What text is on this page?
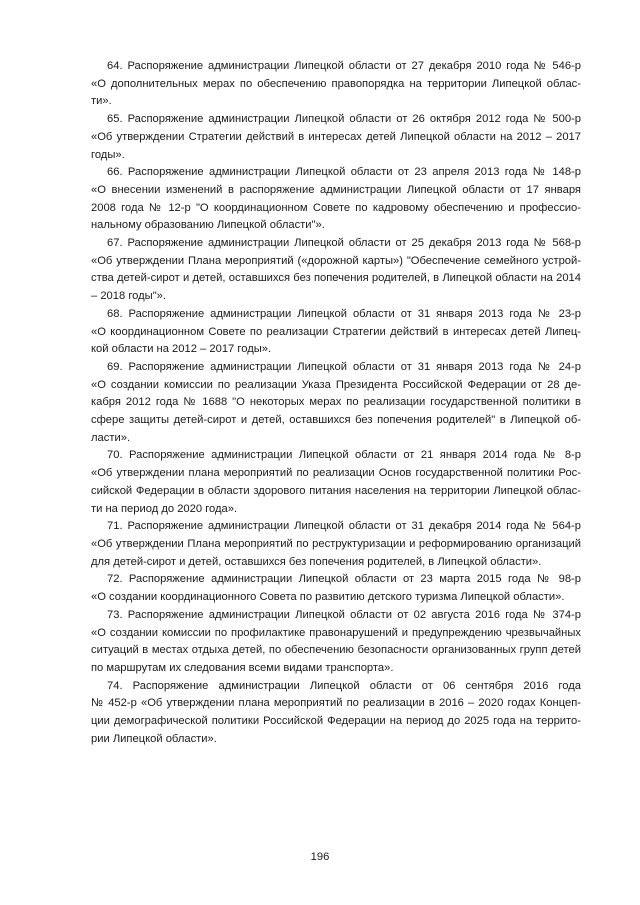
64. Распоряжение администрации Липецкой области от 27 декабря 2010 года № 546-р
«О дополнительных мерах по обеспечению правопорядка на территории Липецкой облас-ти».

65. Распоряжение администрации Липецкой области от 26 октября 2012 года № 500-р
«Об утверждении Стратегии действий в интересах детей Липецкой области на 2012 – 2017 годы».

66. Распоряжение администрации Липецкой области от 23 апреля 2013 года № 148-р
«О внесении изменений в распоряжение администрации Липецкой области от 17 января 2008 года № 12-р "О координационном Совете по кадровому обеспечению и профессио-нальному образованию Липецкой области"».

67. Распоряжение администрации Липецкой области от 25 декабря 2013 года № 568-р
«Об утверждении Плана мероприятий («дорожной карты») "Обеспечение семейного устрой-ства детей-сирот и детей, оставшихся без попечения родителей, в Липецкой области на 2014 – 2018 годы"».

68. Распоряжение администрации Липецкой области от 31 января 2013 года № 23-р
«О координационном Совете по реализации Стратегии действий в интересах детей Липец-кой области на 2012 – 2017 годы».

69. Распоряжение администрации Липецкой области от 31 января 2013 года № 24-р
«О создании комиссии по реализации Указа Президента Российской Федерации от 28 де-кабря 2012 года № 1688 "О некоторых мерах по реализации государственной политики в сфере защиты детей-сирот и детей, оставшихся без попечения родителей" в Липецкой об-ласти».

70. Распоряжение администрации Липецкой области от 21 января 2014 года № 8-р
«Об утверждении плана мероприятий по реализации Основ государственной политики Рос-сийской Федерации в области здорового питания населения на территории Липецкой облас-ти на период до 2020 года».

71. Распоряжение администрации Липецкой области от 31 декабря 2014 года № 564-р
«Об утверждении Плана мероприятий по реструктуризации и реформированию организаций для детей-сирот и детей, оставшихся без попечения родителей, в Липецкой области».

72. Распоряжение администрации Липецкой области от 23 марта 2015 года № 98-р
«О создании координационного Совета по развитию детского туризма Липецкой области».

73. Распоряжение администрации Липецкой области от 02 августа 2016 года № 374-р
«О создании комиссии по профилактике правонарушений и предупреждению чрезвычайных ситуаций в местах отдыха детей, по обеспечению безопасности организованных групп детей по маршрутам их следования всеми видами транспорта».

74. Распоряжение администрации Липецкой области от 06 сентября 2016 года
№ 452-р «Об утверждении плана мероприятий по реализации в 2016 – 2020 годах Концеп-ции демографической политики Российской Федерации на период до 2025 года на террито-рии Липецкой области».

196
